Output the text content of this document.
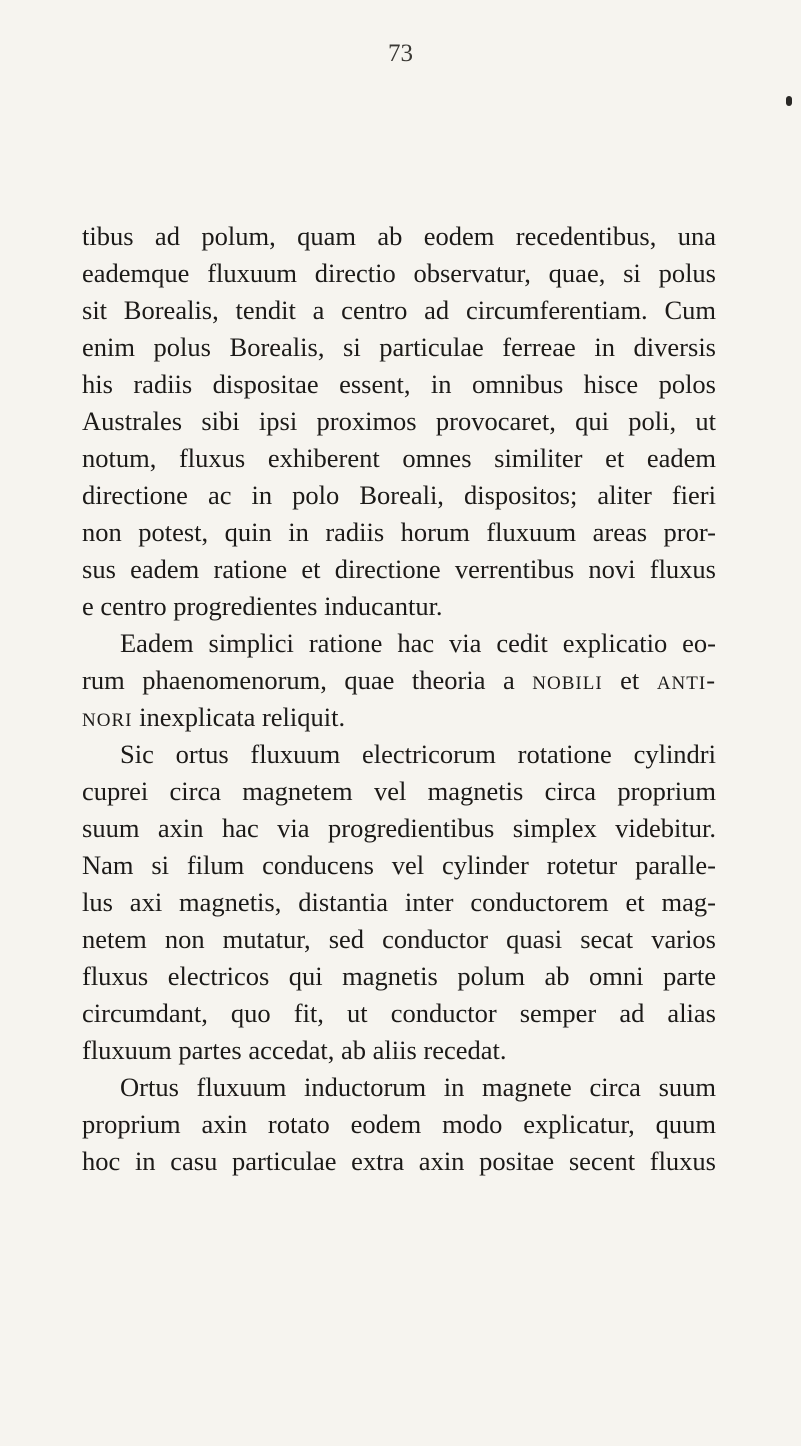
73
tibus ad polum, quam ab eodem recedentibus, una
eademque fluxuum directio observatur, quae, si polus
sit Borealis, tendit a centro ad circumferentiam. Cum
enim polus Borealis, si particulae ferreae in diversis
his radiis dispositae essent, in omnibus hisce polos
Australes sibi ipsi proximos provocaret, qui poli, ut
notum, fluxus exhiberent omnes similiter et eadem
directione ac in polo Boreali, dispositos; aliter fieri
non potest, quin in radiis horum fluxuum areas pror-
sus eadem ratione et directione verrentibus novi fluxus
e centro progredientes inducantur.
Eadem simplici ratione hac via cedit explicatio eo-
rum phaenomenorum, quae theoria a nobili et anti-
nori inexplicata reliquit.
Sic ortus fluxuum electricorum rotatione cylindri
cuprei circa magnetem vel magnetis circa proprium
suum axin hac via progredientibus simplex videbitur.
Nam si filum conducens vel cylinder rotetur paralle-
lus axi magnetis, distantia inter conductorem et mag-
netem non mutatur, sed conductor quasi secat varios
fluxus electricos qui magnetis polum ab omni parte
circumdant, quo fit, ut conductor semper ad alias
fluxuum partes accedat, ab aliis recedat.
Ortus fluxuum inductorum in magnete circa suum
proprium axin rotato eodem modo explicatur, quum
hoc in casu particulae extra axin positae secent fluxus
